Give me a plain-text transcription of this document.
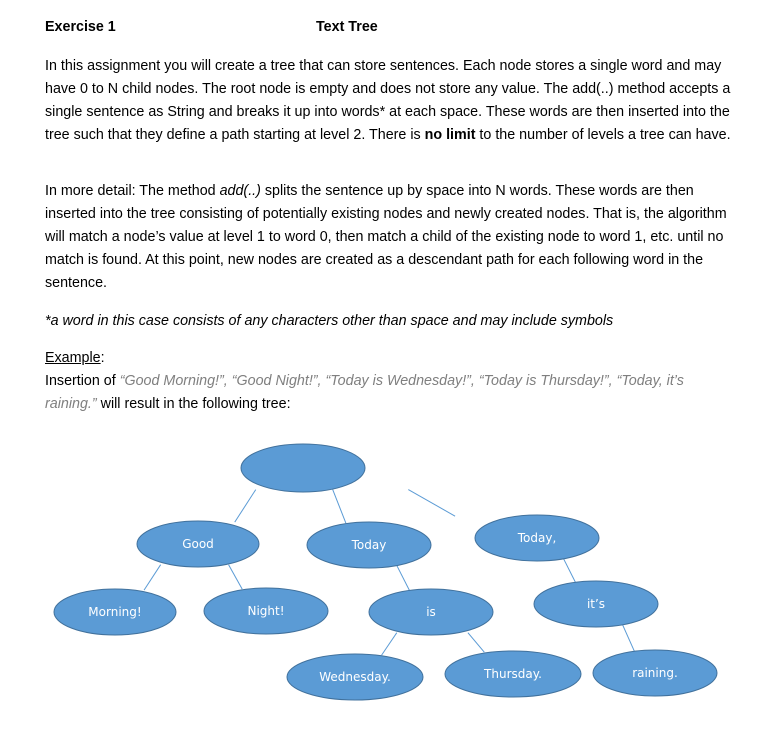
Exercise 1	Text Tree
In this assignment you will create a tree that can store sentences. Each node stores a single word and may have 0 to N child nodes. The root node is empty and does not store any value. The add(..) method accepts a single sentence as String and breaks it up into words* at each space. These words are then inserted into the tree such that they define a path starting at level 2. There is no limit to the number of levels a tree can have.
In more detail: The method add(..) splits the sentence up by space into N words. These words are then inserted into the tree consisting of potentially existing nodes and newly created nodes. That is, the algorithm will match a node’s value at level 1 to word 0, then match a child of the existing node to word 1, etc. until no match is found. At this point, new nodes are created as a descendant path for each following word in the sentence.
*a word in this case consists of any characters other than space and may include symbols
Example:
Insertion of “Good Morning!”, “Good Night!”, “Today is Wednesday!”, “Today is Thursday!”, “Today, it’s raining.” will result in the following tree:
Good	Today	Today,
Morning!	Night!	is
it’s
Wednesday.	Thursday.	raining.
